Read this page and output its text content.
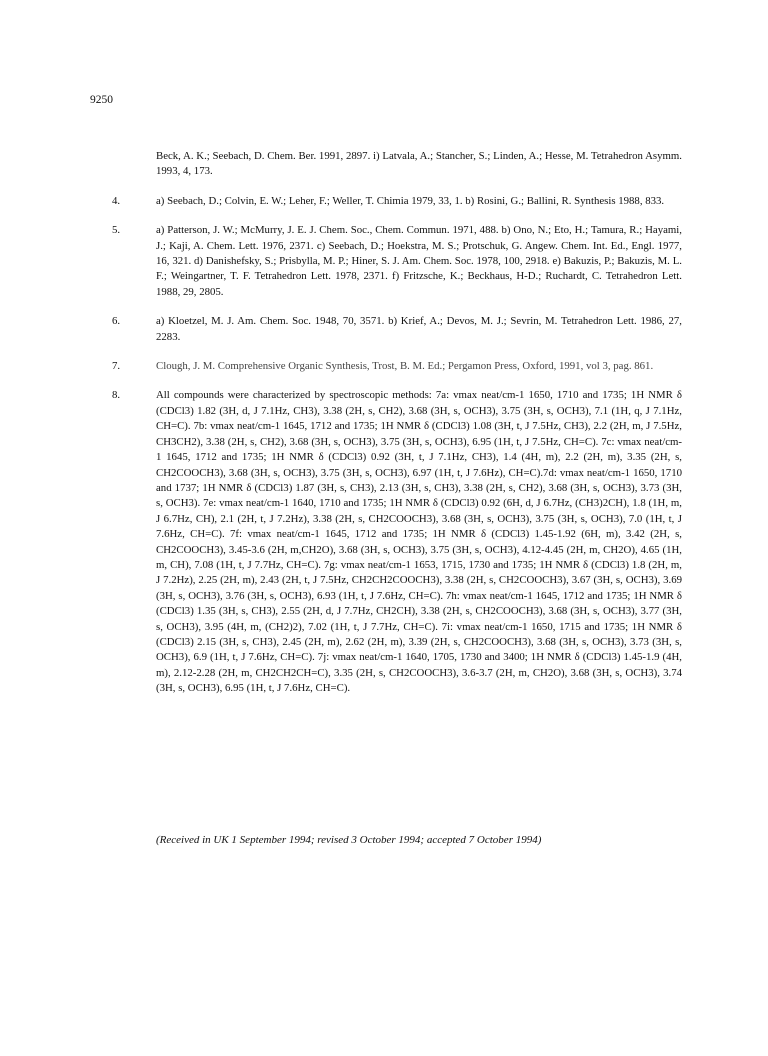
9250
Beck, A. K.; Seebach, D. Chem. Ber. 1991, 2897. i) Latvala, A.; Stancher, S.; Linden, A.; Hesse, M. Tetrahedron Asymm. 1993, 4, 173.
4.	a) Seebach, D.; Colvin, E. W.; Leher, F.; Weller, T. Chimia 1979, 33, 1. b) Rosini, G.; Ballini, R. Synthesis 1988, 833.
5.	a) Patterson, J. W.; McMurry, J. E. J. Chem. Soc., Chem. Commun. 1971, 488. b) Ono, N.; Eto, H.; Tamura, R.; Hayami, J.; Kaji, A. Chem. Lett. 1976, 2371. c) Seebach, D.; Hoekstra, M. S.; Protschuk, G. Angew. Chem. Int. Ed., Engl. 1977, 16, 321. d) Danishefsky, S.; Prisbylla, M. P.; Hiner, S. J. Am. Chem. Soc. 1978, 100, 2918. e) Bakuzis, P.; Bakuzis, M. L. F.; Weingartner, T. F. Tetrahedron Lett. 1978, 2371. f) Fritzsche, K.; Beckhaus, H-D.; Ruchardt, C. Tetrahedron Lett. 1988, 29, 2805.
6.	a) Kloetzel, M. J. Am. Chem. Soc. 1948, 70, 3571. b) Krief, A.; Devos, M. J.; Sevrin, M. Tetrahedron Lett. 1986, 27, 2283.
7.	Clough, J. M. Comprehensive Organic Synthesis, Trost, B. M. Ed.; Pergamon Press, Oxford, 1991, vol 3, pag. 861.
8.	All compounds were characterized by spectroscopic methods: 7a: vmax neat/cm-1 1650, 1710 and 1735; 1H NMR δ (CDCl3) 1.82 (3H, d, J 7.1Hz, CH3), 3.38 (2H, s, CH2), 3.68 (3H, s, OCH3), 3.75 (3H, s, OCH3), 7.1 (1H, q, J 7.1Hz, CH=C). 7b: vmax neat/cm-1 1645, 1712 and 1735; 1H NMR δ (CDCl3) 1.08 (3H, t, J 7.5Hz, CH3), 2.2 (2H, m, J 7.5Hz, CH3CH2), 3.38 (2H, s, CH2), 3.68 (3H, s, OCH3), 3.75 (3H, s, OCH3), 6.95 (1H, t, J 7.5Hz, CH=C). 7c: vmax neat/cm-1 1645, 1712 and 1735; 1H NMR δ (CDCl3) 0.92 (3H, t, J 7.1Hz, CH3), 1.4 (4H, m), 2.2 (2H, m), 3.35 (2H, s, CH2COOCH3), 3.68 (3H, s, OCH3), 3.75 (3H, s, OCH3), 6.97 (1H, t, J 7.6Hz), CH=C).7d: vmax neat/cm-1 1650, 1710 and 1737; 1H NMR δ (CDCl3) 1.87 (3H, s, CH3), 2.13 (3H, s, CH3), 3.38 (2H, s, CH2), 3.68 (3H, s, OCH3), 3.73 (3H, s, OCH3). 7e: vmax neat/cm-1 1640, 1710 and 1735; 1H NMR δ (CDCl3) 0.92 (6H, d, J 6.7Hz, (CH3)2CH), 1.8 (1H, m, J 6.7Hz, CH), 2.1 (2H, t, J 7.2Hz), 3.38 (2H, s, CH2COOCH3), 3.68 (3H, s, OCH3), 3.75 (3H, s, OCH3), 7.0 (1H, t, J 7.6Hz, CH=C). 7f: vmax neat/cm-1 1645, 1712 and 1735; 1H NMR δ (CDCl3) 1.45-1.92 (6H, m), 3.42 (2H, s, CH2COOCH3), 3.45-3.6 (2H, m,CH2O), 3.68 (3H, s, OCH3), 3.75 (3H, s, OCH3), 4.12-4.45 (2H, m, CH2O), 4.65 (1H, m, CH), 7.08 (1H, t, J 7.7Hz, CH=C). 7g: vmax neat/cm-1 1653, 1715, 1730 and 1735; 1H NMR δ (CDCl3) 1.8 (2H, m, J 7.2Hz), 2.25 (2H, m), 2.43 (2H, t, J 7.5Hz, CH2CH2COOCH3), 3.38 (2H, s, CH2COOCH3), 3.67 (3H, s, OCH3), 3.69 (3H, s, OCH3), 3.76 (3H, s, OCH3), 6.93 (1H, t, J 7.6Hz, CH=C). 7h: vmax neat/cm-1 1645, 1712 and 1735; 1H NMR δ (CDCl3) 1.35 (3H, s, CH3), 2.55 (2H, d, J 7.7Hz, CH2CH), 3.38 (2H, s, CH2COOCH3), 3.68 (3H, s, OCH3), 3.77 (3H, s, OCH3), 3.95 (4H, m, (CH2)2), 7.02 (1H, t, J 7.7Hz, CH=C). 7i: vmax neat/cm-1 1650, 1715 and 1735; 1H NMR δ (CDCl3) 2.15 (3H, s, CH3), 2.45 (2H, m), 2.62 (2H, m), 3.39 (2H, s, CH2COOCH3), 3.68 (3H, s, OCH3), 3.73 (3H, s, OCH3), 6.9 (1H, t, J 7.6Hz, CH=C). 7j: vmax neat/cm-1 1640, 1705, 1730 and 3400; 1H NMR δ (CDCl3) 1.45-1.9 (4H, m), 2.12-2.28 (2H, m, CH2CH2CH=C), 3.35 (2H, s, CH2COOCH3), 3.6-3.7 (2H, m, CH2O), 3.68 (3H, s, OCH3), 3.74 (3H, s, OCH3), 6.95 (1H, t, J 7.6Hz, CH=C).
(Received in UK 1 September 1994; revised 3 October 1994; accepted 7 October 1994)
